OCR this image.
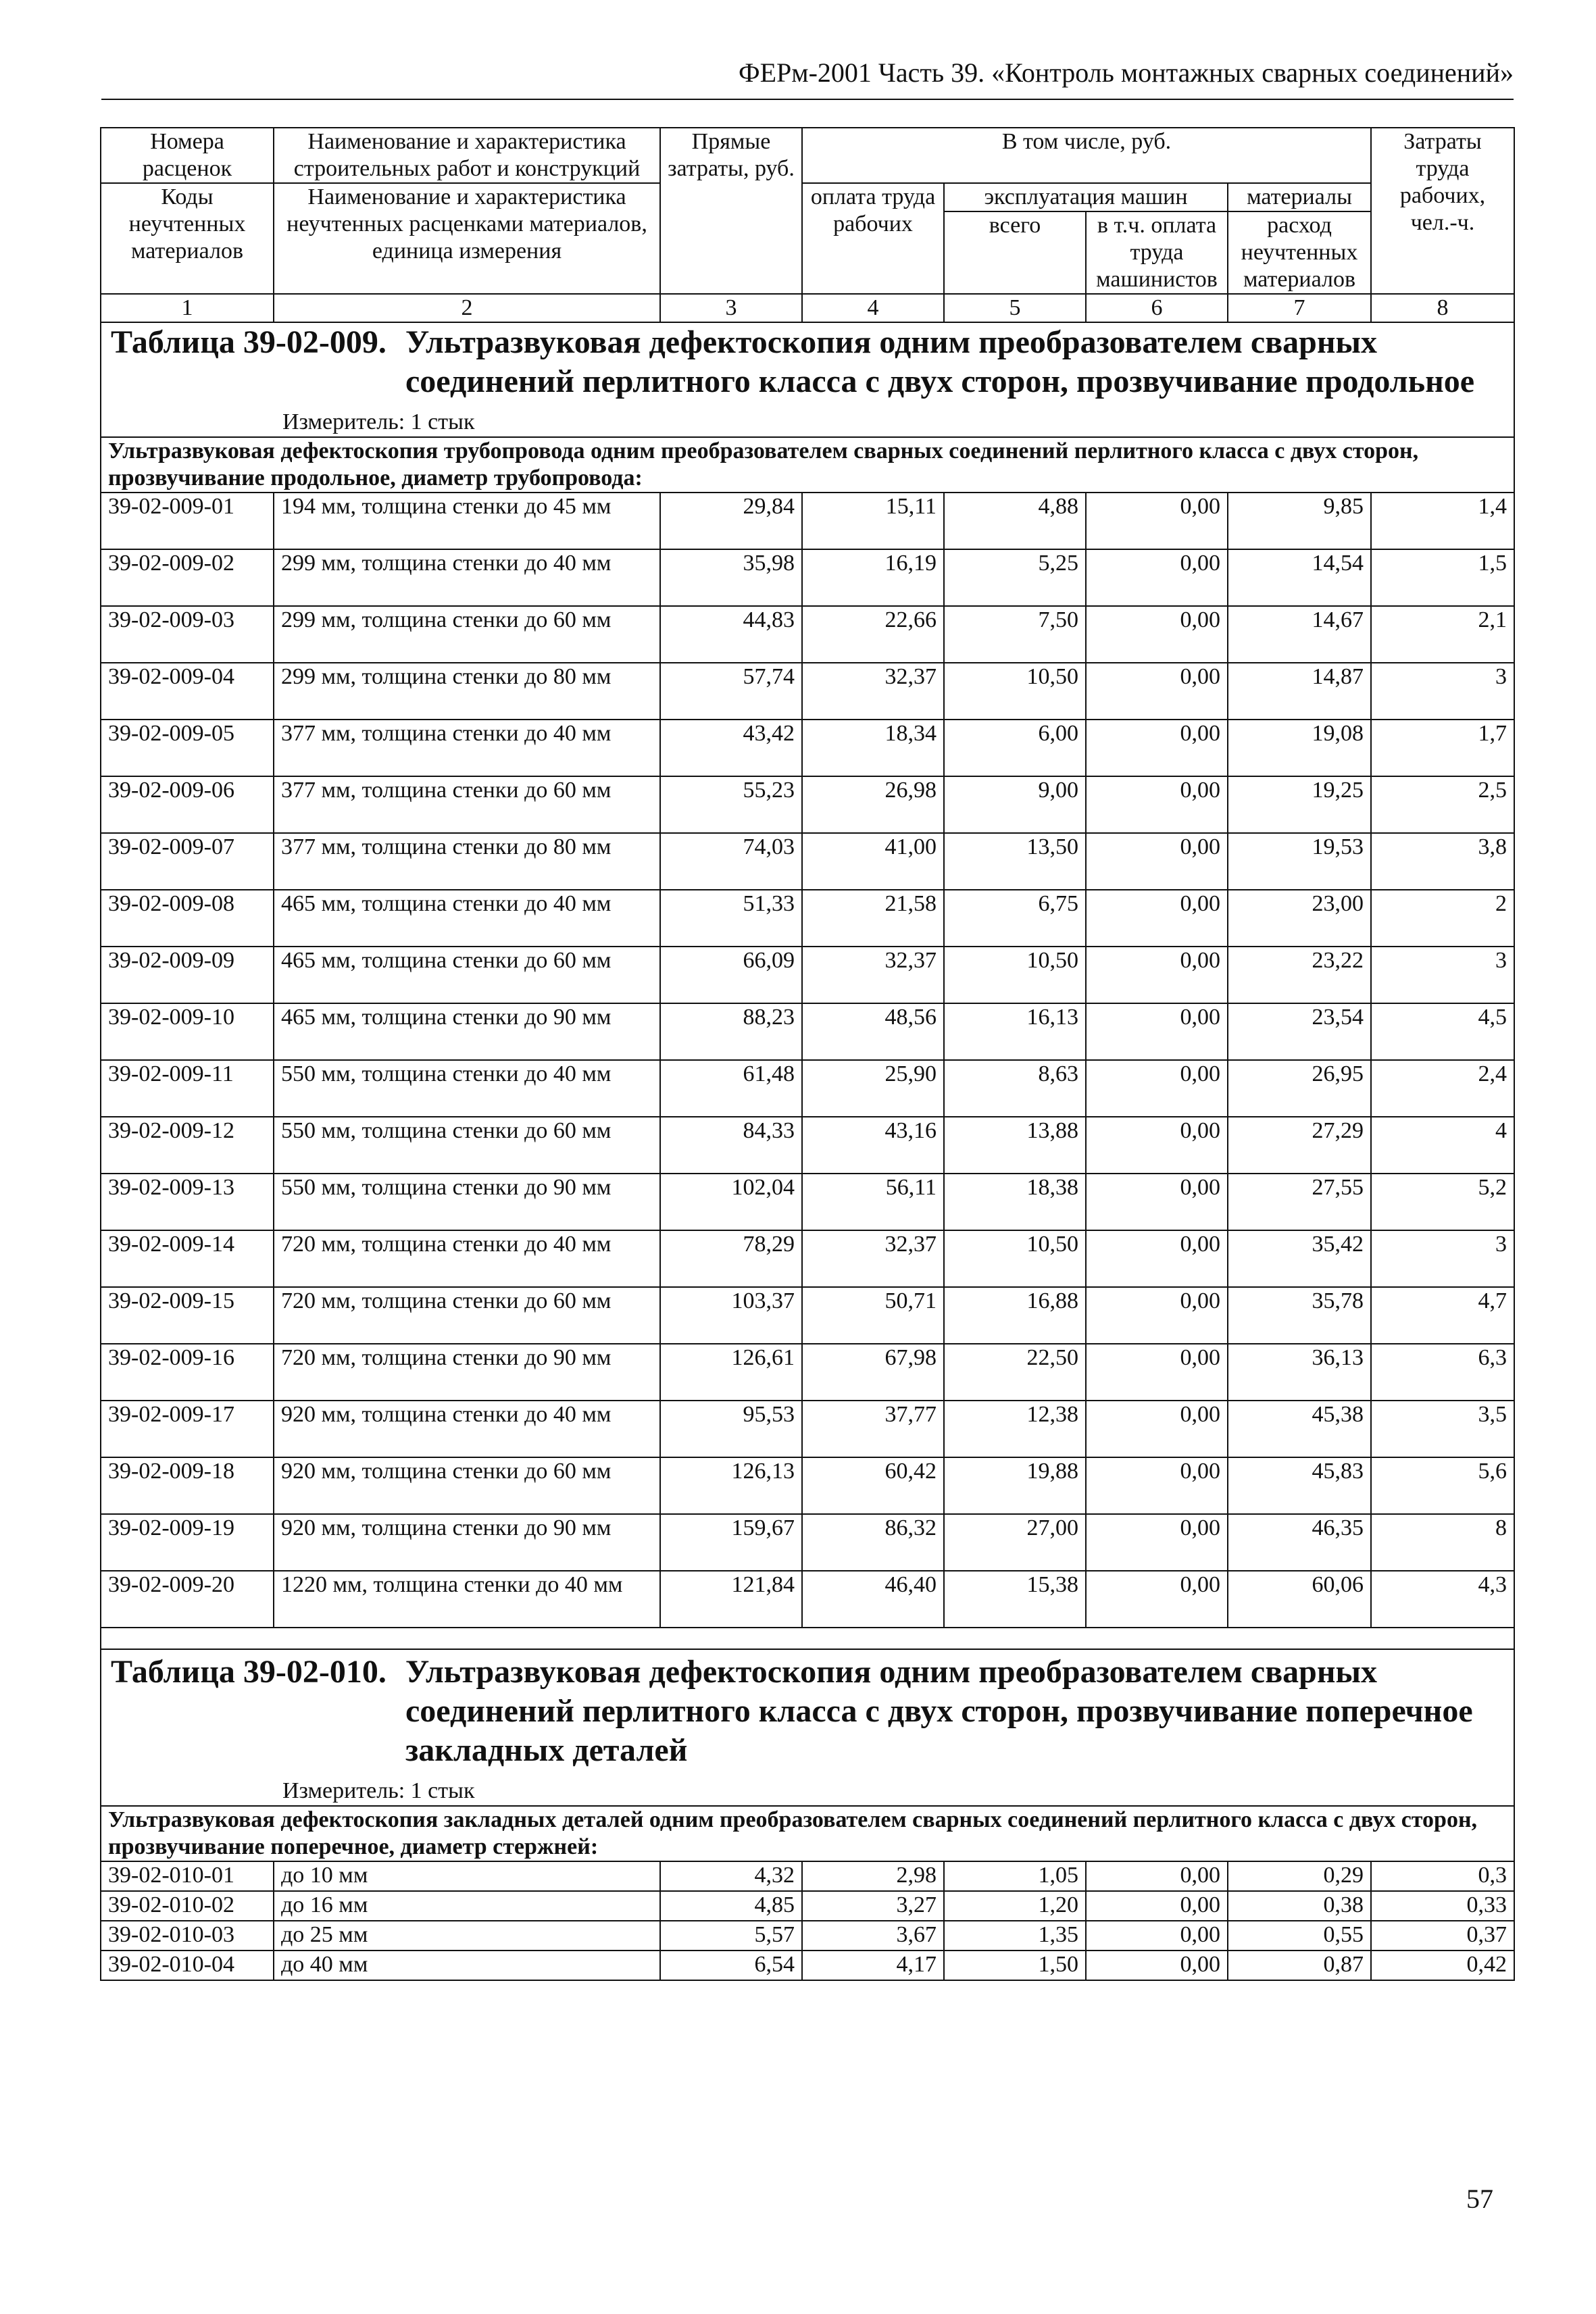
ФЕРм-2001 Часть 39. «Контроль монтажных сварных соединений»
Номера расценок	Наименование и характеристика строительных работ и конструкций	Прямые затраты, руб.	В том числе, руб.				Затраты труда рабочих, чел.-ч.
Коды неучтенных материалов	Наименование и характеристика неучтенных расценками материалов, единица измерения		оплата труда рабочих	эксплуатация машин		материалы	
				всего	в т.ч. оплата труда машинистов	расход неучтенных материалов	

1	2	3	4	5	6	7	8

Таблица 39-02-009. Ультразвуковая дефектоскопия одним преобразователем сварных соединений перлитного класса с двух сторон, прозвучивание продольное
Измеритель: 1 стык							

Ультразвуковая дефектоскопия трубопровода одним преобразователем сварных соединений перлитного класса с двух сторон, прозвучивание продольное, диаметр трубопровода:							
39-02-009-01	194 мм, толщина стенки до 45 мм	29,84	15,11	4,88	0,00	9,85	1,4
39-02-009-02	299 мм, толщина стенки до 40 мм	35,98	16,19	5,25	0,00	14,54	1,5
39-02-009-03	299 мм, толщина стенки до 60 мм	44,83	22,66	7,50	0,00	14,67	2,1
39-02-009-04	299 мм, толщина стенки до 80 мм	57,74	32,37	10,50	0,00	14,87	3
39-02-009-05	377 мм, толщина стенки до 40 мм	43,42	18,34	6,00	0,00	19,08	1,7
39-02-009-06	377 мм, толщина стенки до 60 мм	55,23	26,98	9,00	0,00	19,25	2,5
39-02-009-07	377 мм, толщина стенки до 80 мм	74,03	41,00	13,50	0,00	19,53	3,8
39-02-009-08	465 мм, толщина стенки до 40 мм	51,33	21,58	6,75	0,00	23,00	2
39-02-009-09	465 мм, толщина стенки до 60 мм	66,09	32,37	10,50	0,00	23,22	3
39-02-009-10	465 мм, толщина стенки до 90 мм	88,23	48,56	16,13	0,00	23,54	4,5
39-02-009-11	550 мм, толщина стенки до 40 мм	61,48	25,90	8,63	0,00	26,95	2,4
39-02-009-12	550 мм, толщина стенки до 60 мм	84,33	43,16	13,88	0,00	27,29	4
39-02-009-13	550 мм, толщина стенки до 90 мм	102,04	56,11	18,38	0,00	27,55	5,2
39-02-009-14	720 мм, толщина стенки до 40 мм	78,29	32,37	10,50	0,00	35,42	3
39-02-009-15	720 мм, толщина стенки до 60 мм	103,37	50,71	16,88	0,00	35,78	4,7
39-02-009-16	720 мм, толщина стенки до 90 мм	126,61	67,98	22,50	0,00	36,13	6,3
39-02-009-17	920 мм, толщина стенки до 40 мм	95,53	37,77	12,38	0,00	45,38	3,5
39-02-009-18	920 мм, толщина стенки до 60 мм	126,13	60,42	19,88	0,00	45,83	5,6
39-02-009-19	920 мм, толщина стенки до 90 мм	159,67	86,32	27,00	0,00	46,35	8
39-02-009-20	1220 мм, толщина стенки до 40 мм	121,84	46,40	15,38	0,00	60,06	4,3

Таблица 39-02-010. Ультразвуковая дефектоскопия одним преобразователем сварных соединений перлитного класса с двух сторон, прозвучивание поперечное закладных деталей
Измеритель: 1 стык							

Ультразвуковая дефектоскопия закладных деталей одним преобразователем сварных соединений перлитного класса с двух сторон, прозвучивание поперечное, диаметр стержней:							
39-02-010-01	до 10 мм	4,32	2,98	1,05	0,00	0,29	0,3
39-02-010-02	до 16 мм	4,85	3,27	1,20	0,00	0,38	0,33
39-02-010-03	до 25 мм	5,57	3,67	1,35	0,00	0,55	0,37
39-02-010-04	до 40 мм	6,54	4,17	1,50	0,00	0,87	0,42
57
